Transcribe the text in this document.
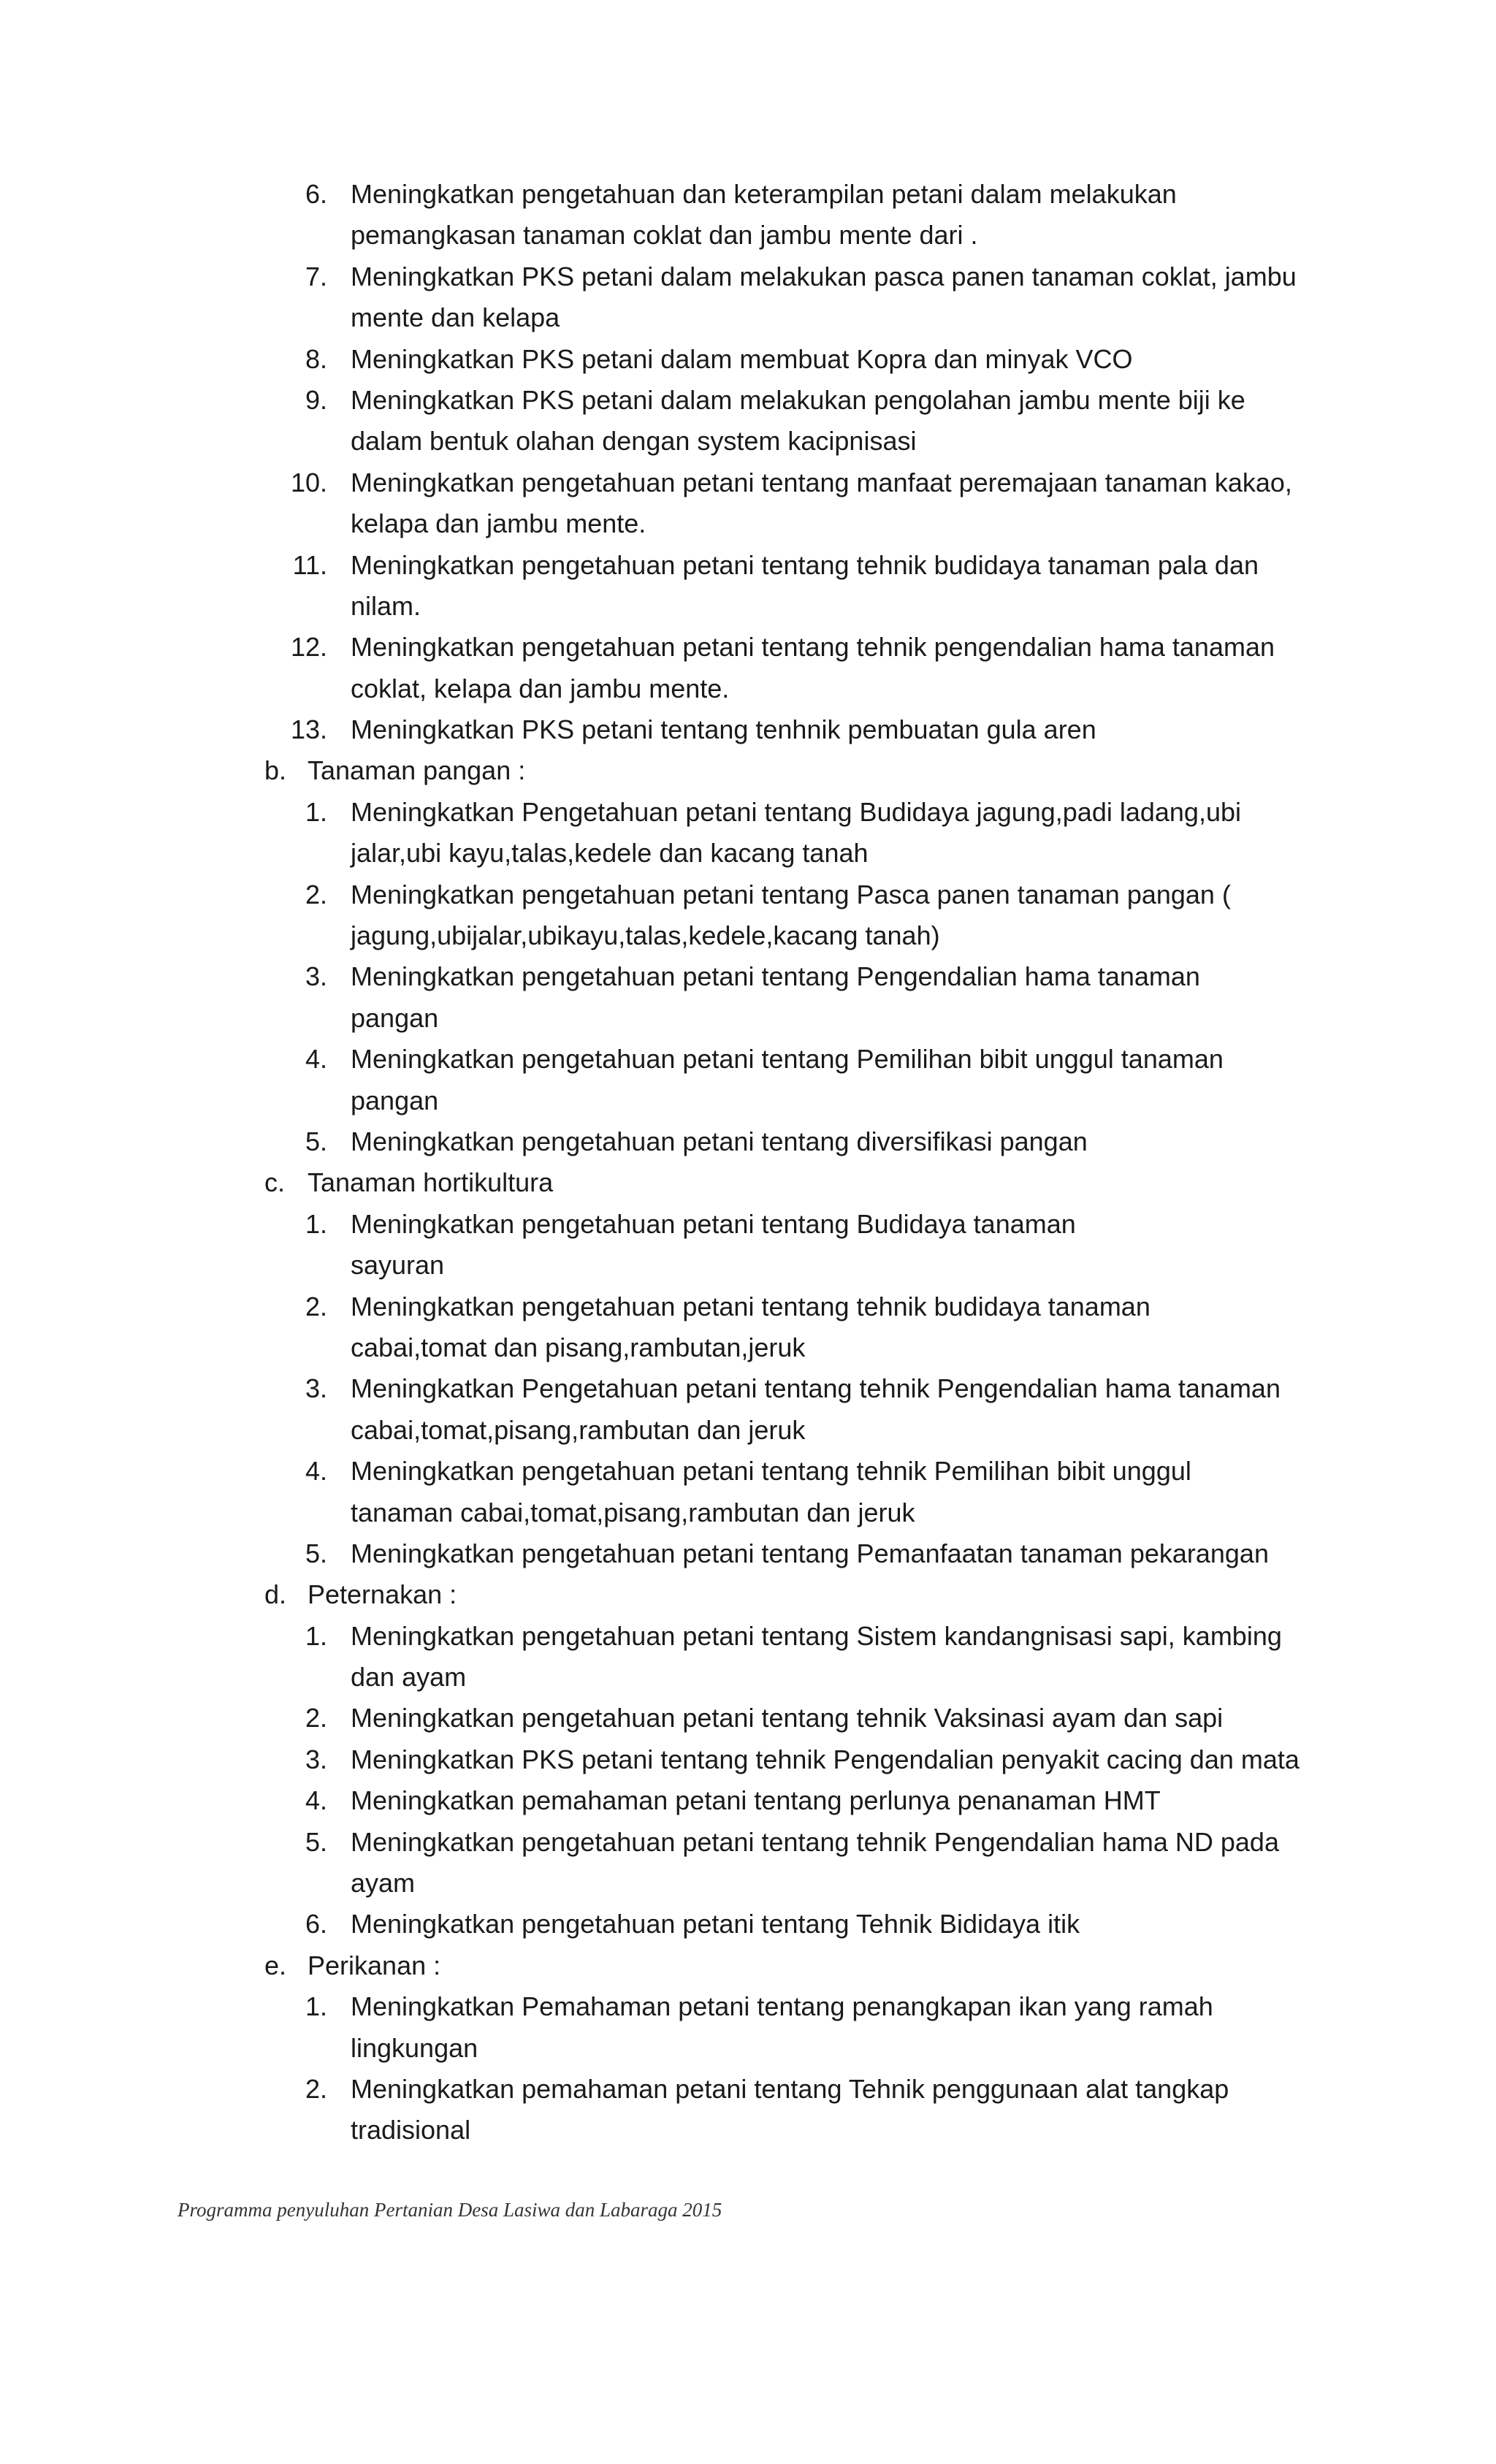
6. Meningkatkan pengetahuan dan keterampilan petani dalam melakukan
pemangkasan tanaman coklat dan jambu mente dari .
7. Meningkatkan PKS petani dalam melakukan pasca panen tanaman coklat, jambu
mente dan kelapa
8. Meningkatkan PKS petani dalam membuat Kopra dan minyak VCO
9. Meningkatkan PKS petani dalam melakukan pengolahan jambu mente biji ke
dalam bentuk olahan dengan system kacipnisasi
10. Meningkatkan pengetahuan petani tentang manfaat peremajaan tanaman kakao,
kelapa dan jambu mente.
11. Meningkatkan pengetahuan petani tentang tehnik budidaya tanaman pala dan
nilam.
12. Meningkatkan pengetahuan petani tentang tehnik pengendalian hama tanaman
coklat, kelapa dan jambu mente.
13. Meningkatkan PKS petani tentang tenhnik pembuatan gula aren
b. Tanaman pangan :
1. Meningkatkan Pengetahuan petani tentang Budidaya jagung,padi ladang,ubi
jalar,ubi kayu,talas,kedele dan kacang tanah
2. Meningkatkan pengetahuan petani tentang Pasca panen tanaman pangan (
jagung,ubijalar,ubikayu,talas,kedele,kacang tanah)
3. Meningkatkan pengetahuan petani tentang Pengendalian hama tanaman
pangan
4. Meningkatkan pengetahuan petani tentang Pemilihan bibit unggul tanaman
pangan
5. Meningkatkan pengetahuan petani tentang diversifikasi pangan
c. Tanaman hortikultura
1. Meningkatkan pengetahuan petani tentang Budidaya tanaman
sayuran
2. Meningkatkan pengetahuan petani tentang tehnik budidaya tanaman
cabai,tomat dan pisang,rambutan,jeruk
3. Meningkatkan Pengetahuan petani tentang tehnik Pengendalian hama tanaman
cabai,tomat,pisang,rambutan dan jeruk
4. Meningkatkan pengetahuan petani tentang tehnik Pemilihan bibit unggul
tanaman cabai,tomat,pisang,rambutan dan jeruk
5. Meningkatkan pengetahuan petani tentang Pemanfaatan tanaman pekarangan
d. Peternakan :
1. Meningkatkan pengetahuan petani tentang Sistem kandangnisasi sapi, kambing
dan ayam
2. Meningkatkan pengetahuan petani tentang tehnik Vaksinasi ayam dan sapi
3. Meningkatkan PKS petani tentang tehnik Pengendalian penyakit cacing dan mata
4. Meningkatkan pemahaman petani tentang perlunya penanaman HMT
5. Meningkatkan pengetahuan petani tentang tehnik Pengendalian hama ND pada
ayam
6. Meningkatkan pengetahuan petani tentang Tehnik Bididaya itik
e. Perikanan :
1. Meningkatkan Pemahaman petani tentang penangkapan ikan yang ramah
lingkungan
2. Meningkatkan pemahaman petani tentang Tehnik penggunaan alat tangkap
tradisional
Programma penyuluhan Pertanian Desa Lasiwa dan Labaraga 2015
